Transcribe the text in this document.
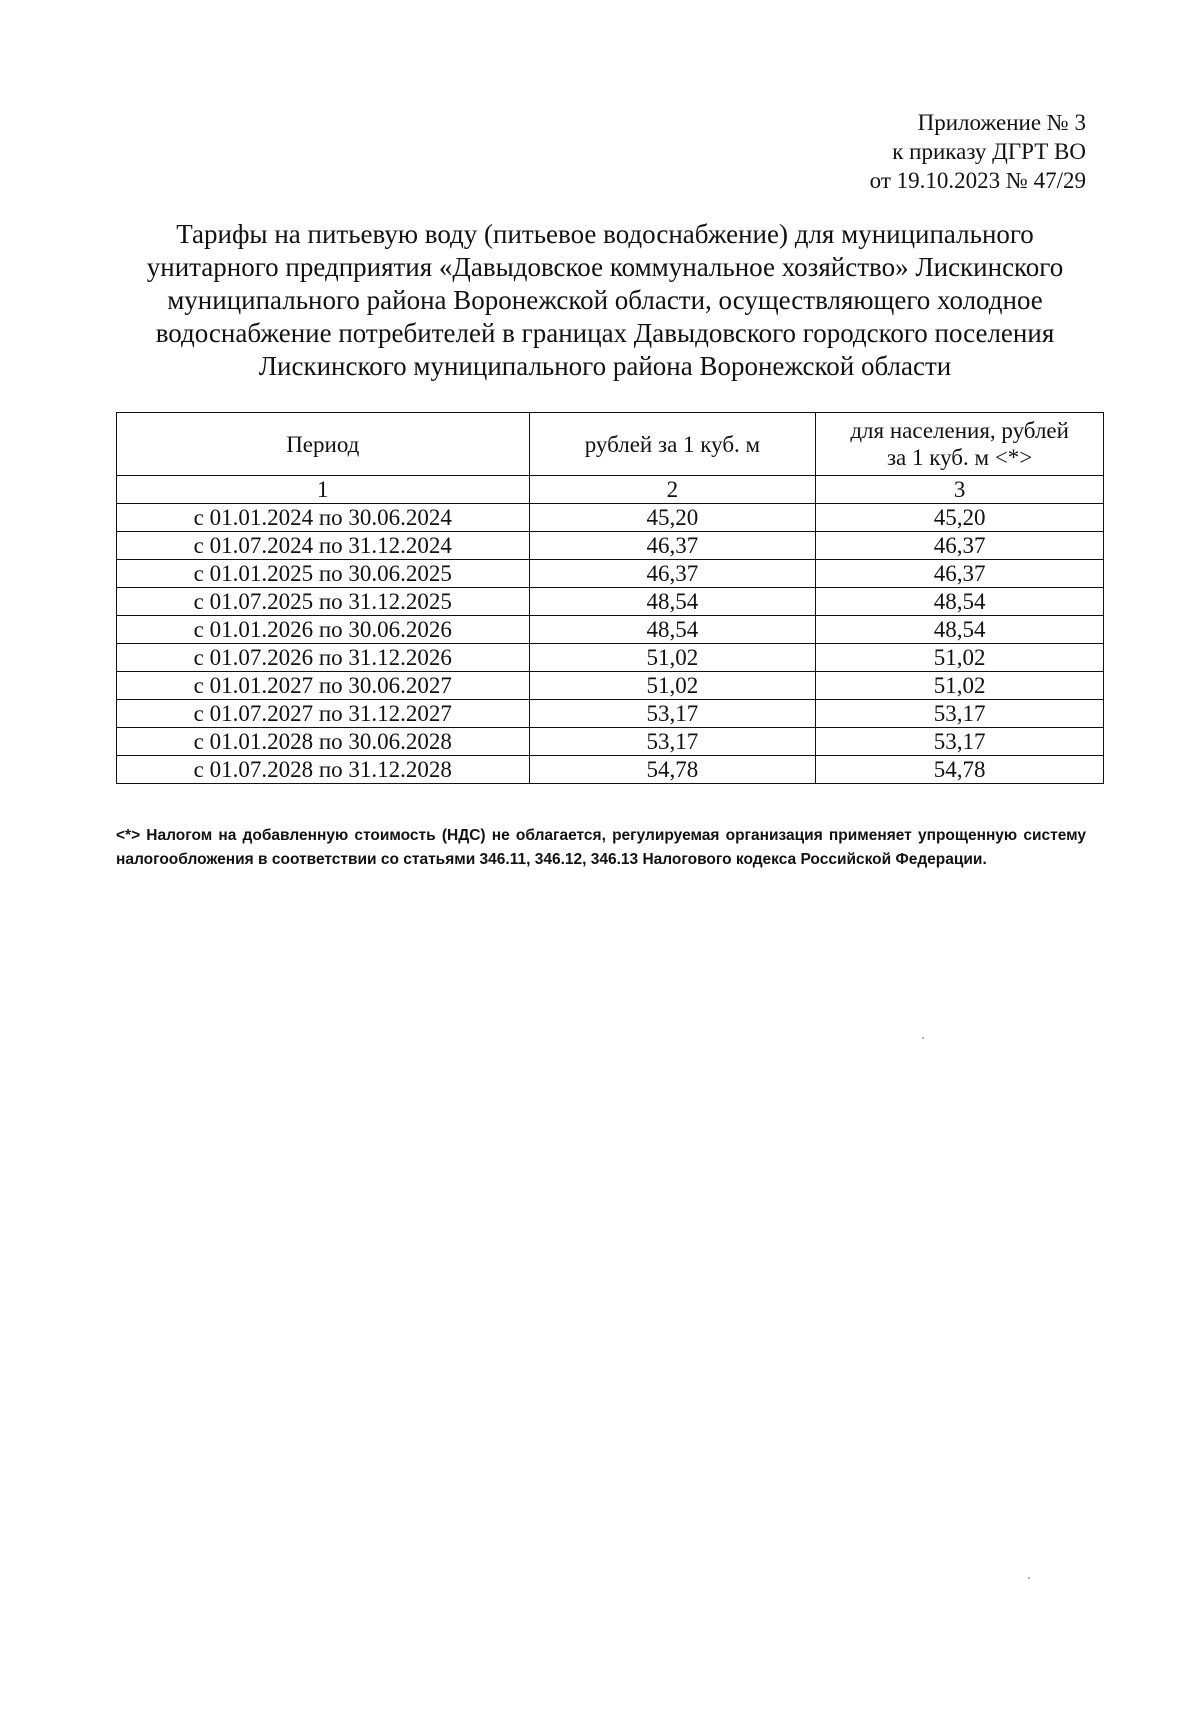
Приложение № 3
к приказу ДГРТ ВО
от 19.10.2023 № 47/29
Тарифы на питьевую воду (питьевое водоснабжение) для муниципального
унитарного предприятия «Давыдовское коммунальное хозяйство» Лискинского
муниципального района Воронежской области, осуществляющего холодное
водоснабжение потребителей в границах Давыдовского городского поселения
Лискинского муниципального района Воронежской области
Период	рублей за 1 куб. м	для населения, рублей
за 1 куб. м <*>

1	2	3
с 01.01.2024 по 30.06.2024	45,20	45,20
с 01.07.2024 по 31.12.2024	46,37	46,37
с 01.01.2025 по 30.06.2025	46,37	46,37
с 01.07.2025 по 31.12.2025	48,54	48,54
с 01.01.2026 по 30.06.2026	48,54	48,54
с 01.07.2026 по 31.12.2026	51,02	51,02
с 01.01.2027 по 30.06.2027	51,02	51,02
с 01.07.2027 по 31.12.2027	53,17	53,17
с 01.01.2028 по 30.06.2028	53,17	53,17
с 01.07.2028 по 31.12.2028	54,78	54,78
<*> Налогом на добавленную стоимость (НДС) не облагается, регулируемая организация применяет упрощенную систему налогообложения в соответствии со статьями 346.11, 346.12, 346.13 Налогового кодекса Российской Федерации.
